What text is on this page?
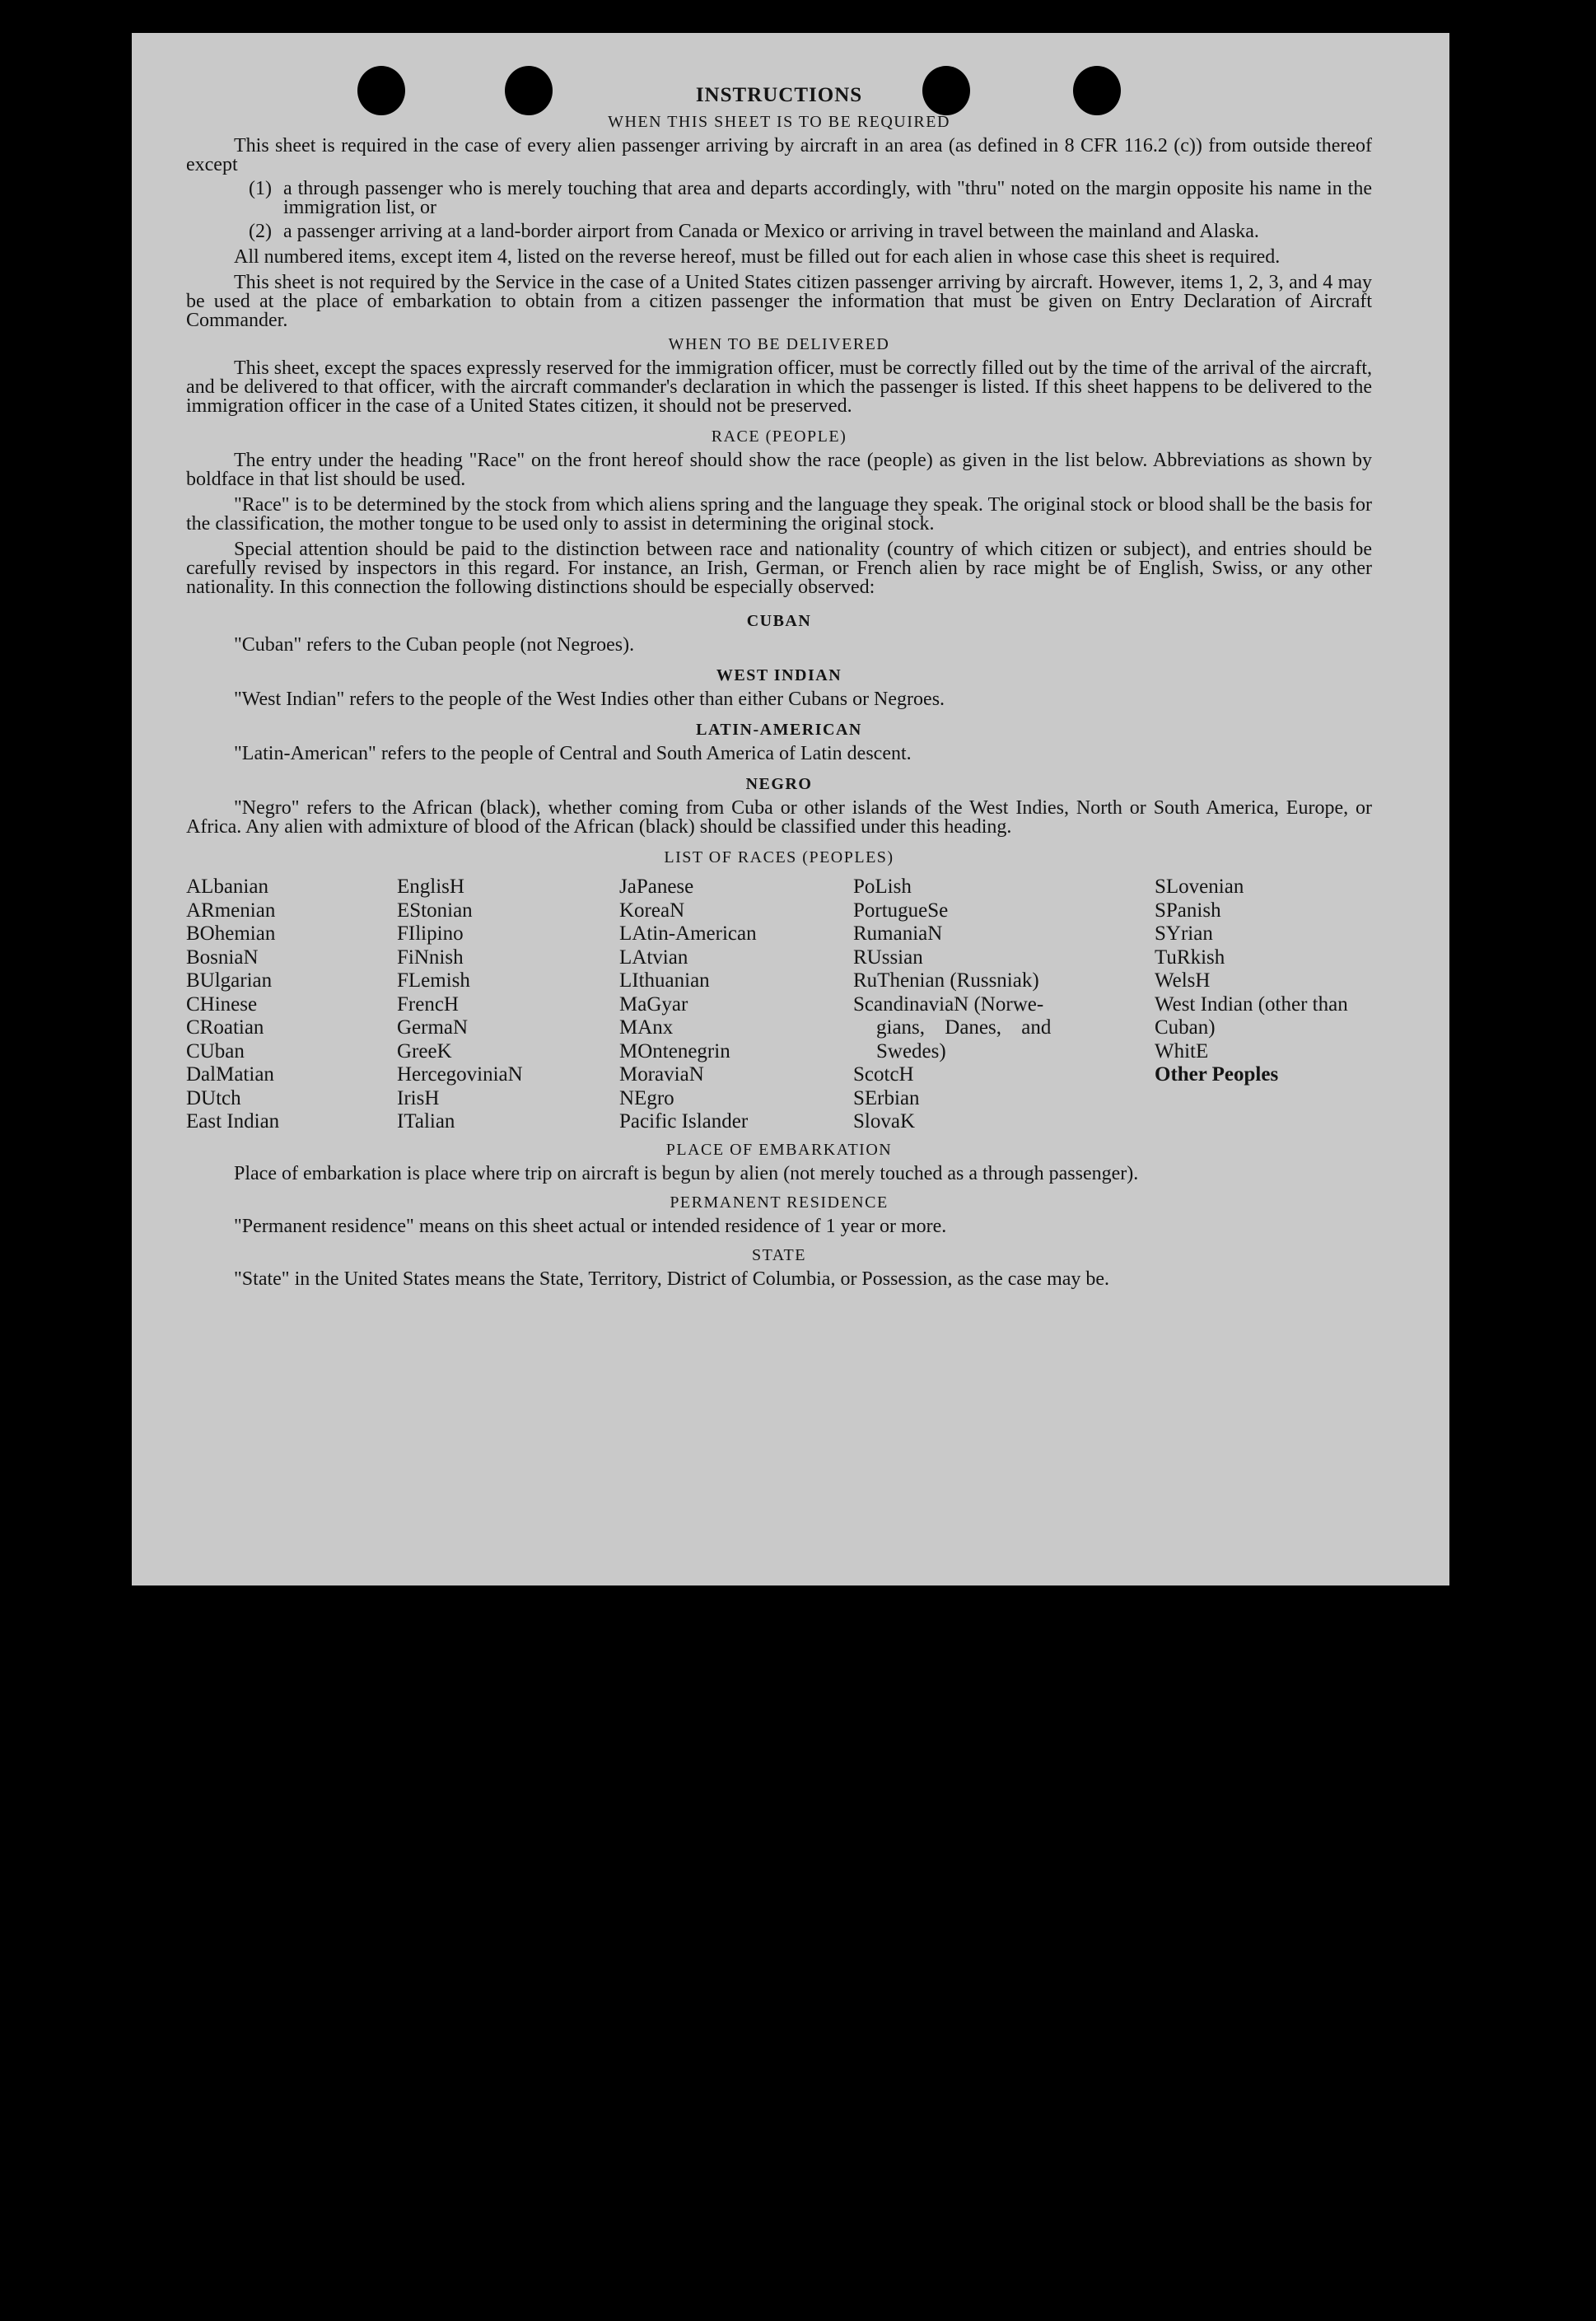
INSTRUCTIONS
WHEN THIS SHEET IS TO BE REQUIRED

This sheet is required in the case of every alien passenger arriving by aircraft in an area (as defined in 8 CFR 116.2 (c)) from outside thereof except

(1) a through passenger who is merely touching that area and departs accordingly, with "thru" noted on the margin opposite his name in the immigration list, or
(2) a passenger arriving at a land-border airport from Canada or Mexico or arriving in travel between the mainland and Alaska.

All numbered items, except item 4, listed on the reverse hereof, must be filled out for each alien in whose case this sheet is required.

This sheet is not required by the Service in the case of a United States citizen passenger arriving by aircraft. However, items 1, 2, 3, and 4 may be used at the place of embarkation to obtain from a citizen passenger the information that must be given on Entry Declaration of Aircraft Commander.

WHEN TO BE DELIVERED

This sheet, except the spaces expressly reserved for the immigration officer, must be correctly filled out by the time of the arrival of the aircraft, and be delivered to that officer, with the aircraft commander's declaration in which the passenger is listed. If this sheet happens to be delivered to the immigration officer in the case of a United States citizen, it should not be preserved.

RACE (PEOPLE)

The entry under the heading "Race" on the front hereof should show the race (people) as given in the list below. Abbreviations as shown by boldface in that list should be used.

"Race" is to be determined by the stock from which aliens spring and the language they speak. The original stock or blood shall be the basis for the classification, the mother tongue to be used only to assist in determining the original stock.

Special attention should be paid to the distinction between race and nationality (country of which citizen or subject), and entries should be carefully revised by inspectors in this regard. For instance, an Irish, German, or French alien by race might be of English, Swiss, or any other nationality. In this connection the following distinctions should be especially observed:

CUBAN

"Cuban" refers to the Cuban people (not Negroes).

WEST INDIAN

"West Indian" refers to the people of the West Indies other than either Cubans or Negroes.

LATIN-AMERICAN

"Latin-American" refers to the people of Central and South America of Latin descent.

NEGRO

"Negro" refers to the African (black), whether coming from Cuba or other islands of the West Indies, North or South America, Europe, or Africa. Any alien with admixture of blood of the African (black) should be classified under this heading.

LIST OF RACES (PEOPLES)
ALbanian
ARmenian
BOhemian
BosniaN
BUlgarian
CHinese
CRoatian
CUban
DalMatian
DUtch
East Indian
EnglisH
EStonian
FIlipino
FiNnish
FLemish
FrencH
GermaN
GreeK
HercegoviniaN
IrisH
ITalian
JaPanese
KoreaN
LAtin-American
LAtvian
LIthuanian
MaGyar
MAnx
MOntenegrin
MoraviaN
NEgro
Pacific Islander
PoLish
PortugueSe
RumaniaN
RUssian
RuThenian (Russniak)
ScandinaviaN (Norwe-
gians, Danes, and
Swedes)
ScotcH
SErbian
SlovaK
SLovenian
SPanish
SYrian
TuRkish
WelsH
West Indian (other than Cuban)
WhitE
Other Peoples
PLACE OF EMBARKATION

Place of embarkation is place where trip on aircraft is begun by alien (not merely touched as a through passenger).

PERMANENT RESIDENCE

"Permanent residence" means on this sheet actual or intended residence of 1 year or more.

STATE

"State" in the United States means the State, Territory, District of Columbia, or Possession, as the case may be.
